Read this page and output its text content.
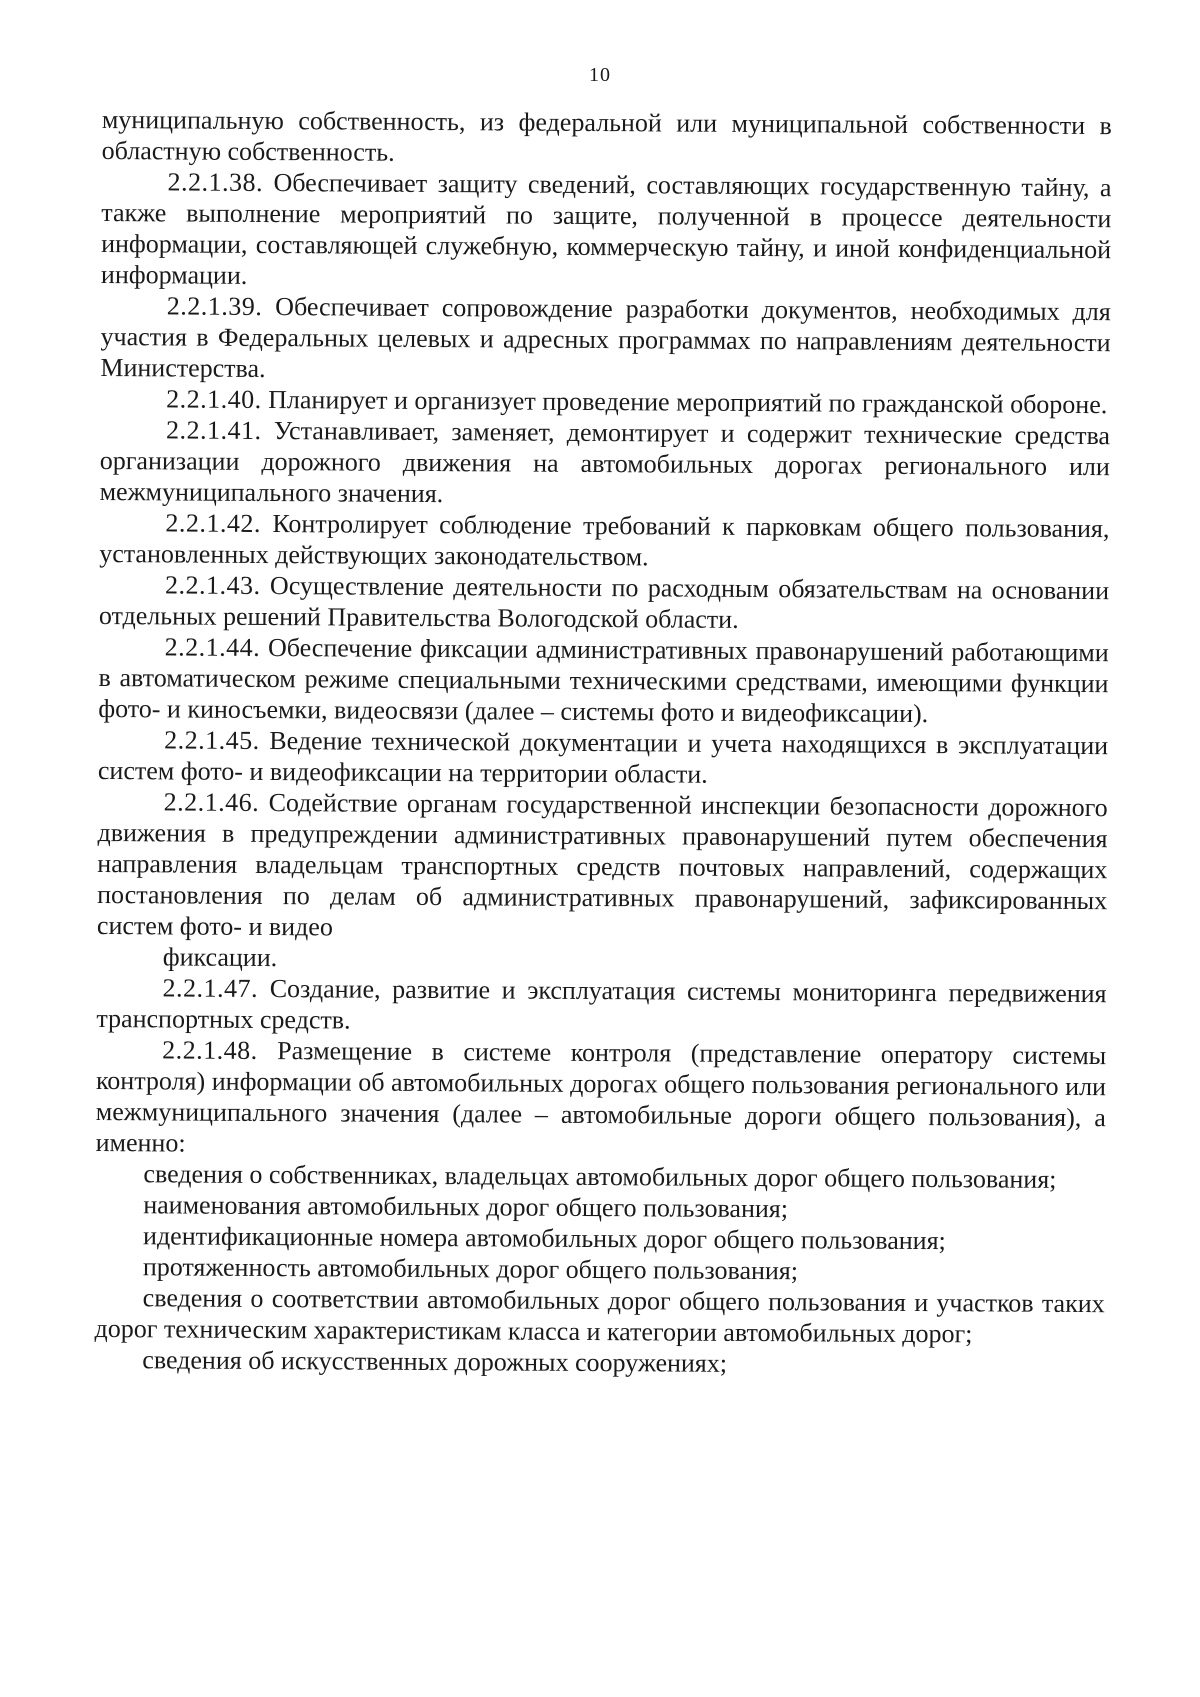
10

муниципальную собственность, из федеральной или муниципальной собственности в областную собственность.

2.2.1.38. Обеспечивает защиту сведений, составляющих государственную тайну, а также выполнение мероприятий по защите, полученной в процессе деятельности информации, составляющей служебную, коммерческую тайну, и иной конфиденциальной информации.

2.2.1.39. Обеспечивает сопровождение разработки документов, необходимых для участия в Федеральных целевых и адресных программах по направлениям деятельности Министерства.

2.2.1.40. Планирует и организует проведение мероприятий по гражданской обороне.

2.2.1.41. Устанавливает, заменяет, демонтирует и содержит технические средства организации дорожного движения на автомобильных дорогах регионального или межмуниципального значения.

2.2.1.42. Контролирует соблюдение требований к парковкам общего пользования, установленных действующих законодательством.

2.2.1.43. Осуществление деятельности по расходным обязательствам на основании отдельных решений Правительства Вологодской области.

2.2.1.44. Обеспечение фиксации административных правонарушений работающими в автоматическом режиме специальными техническими средствами, имеющими функции фото- и киносъемки, видеосвязи (далее – системы фото и видеофиксации).

2.2.1.45. Ведение технической документации и учета находящихся в эксплуатации систем фото- и видеофиксации на территории области.

2.2.1.46. Содействие органам государственной инспекции безопасности дорожного движения в предупреждении административных правонарушений путем обеспечения направления владельцам транспортных средств почтовых направлений, содержащих постановления по делам об административных правонарушений, зафиксированных систем фото- и видео

фиксации.

2.2.1.47. Создание, развитие и эксплуатация системы мониторинга передвижения транспортных средств.

2.2.1.48. Размещение в системе контроля (представление оператору системы контроля) информации об автомобильных дорогах общего пользования регионального или межмуниципального значения (далее – автомобильные дороги общего пользования), а именно:

сведения о собственниках, владельцах автомобильных дорог общего пользования;

наименования автомобильных дорог общего пользования;

идентификационные номера автомобильных дорог общего пользования;

протяженность автомобильных дорог общего пользования;

сведения о соответствии автомобильных дорог общего пользования и участков таких дорог техническим характеристикам класса и категории автомобильных дорог;

сведения об искусственных дорожных сооружениях;
